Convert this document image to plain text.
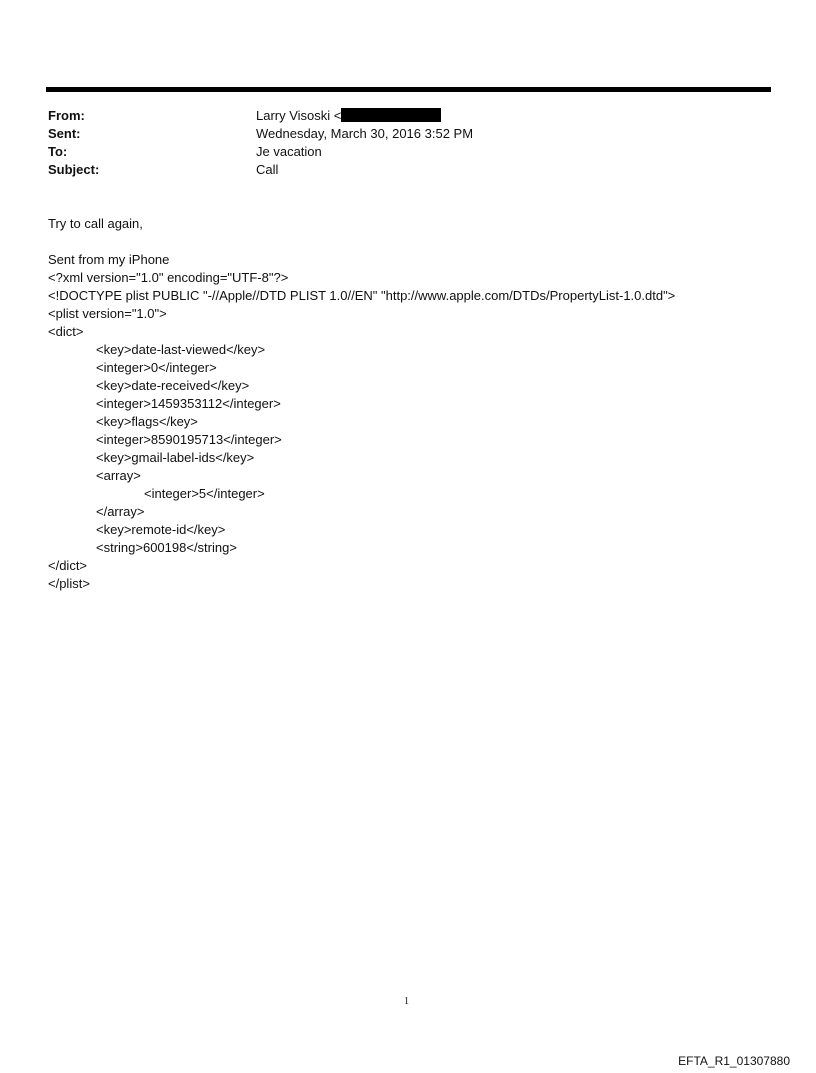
From:	Larry Visoski <
Sent:	Wednesday, March 30, 2016 3:52 PM
To:	Je vacation
Subject:	Call
Try to call again,
Sent from my iPhone
<?xml version="1.0" encoding="UTF-8"?>
<!DOCTYPE plist PUBLIC "-//Apple//DTD PLIST 1.0//EN" "http://www.apple.com/DTDs/PropertyList-1.0.dtd">
<plist version="1.0">
<dict>
<key>date-last-viewed</key>
<integer>0</integer>
<key>date-received</key>
<integer>1459353112</integer>
<key>flags</key>
<integer>8590195713</integer>
<key>gmail-label-ids</key>
<array>
<integer>5</integer>
</array>
<key>remote-id</key>
<string>600198</string>
</dict>
</plist>
1
EFTA_R1_01307880
